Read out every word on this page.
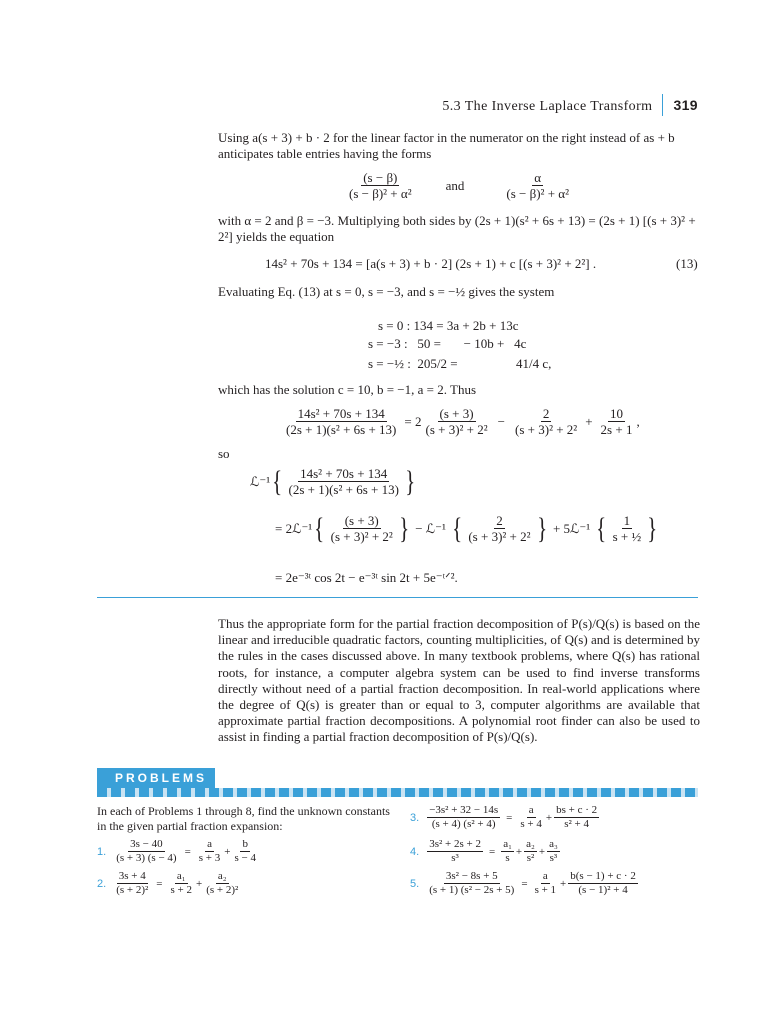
5.3 The Inverse Laplace Transform 319
Using a(s + 3) + b · 2 for the linear factor in the numerator on the right instead of as + b anticipates table entries having the forms
$\frac{(s - \beta)}{\text{(s − β)² + α²}}$ and	$\frac{\alpha}{\text{(s − β)² + α²}}$
with α = 2 and β = −3. Multiplying both sides by (2s + 1)(s² + 6s + 13) = (2s + 1) [(s + 3)² + 2²] yields the equation
14s² + 70s + 134 = [a(s + 3) + b · 2] (2s + 1) + c [(s + 3)² + 2²] .	(13)
Evaluating Eq. (13) at s = 0, s = −3, and s = −½ gives the system
s = 0 : 134 = 3a + 2b + 13c
s = −3 :   50 =       − 10b +   4c
s = −½ :  205/2 =                  41/4 c,
which has the solution c = 10, b = −1, a = 2. Thus
$\frac{\text{14s² + 70s + 134}}{\text{(2s + 1)(s² + 6s + 13)}} = 2 \frac{(s + 3)}{\text{(s + 3)² + 2²}} - \frac{2}{\text{(s + 3)² + 2²}} + \frac{10}{2s + 1}$ ,
so
ℒ⁻¹ { $\frac{\text{14s² + 70s + 134}}{\text{(2s + 1)(s² + 6s + 13)}}$ }
= 2ℒ⁻¹ { $\frac{(s + 3)}{\text{(s + 3)² + 2²}}$ } − ℒ⁻¹ { $\frac{2}{\text{(s + 3)² + 2²}}$ } + 5ℒ⁻¹ { $\frac{1}{\text{s + ½}}$ }
= 2e⁻³ᵗ cos 2t − e⁻³ᵗ sin 2t + 5e⁻ᵗᐟ².
Thus the appropriate form for the partial fraction decomposition of P(s)/Q(s) is based on the linear and irreducible quadratic factors, counting multiplicities, of Q(s) and is determined by the rules in the cases discussed above. In many textbook problems, where Q(s) has rational roots, for instance, a computer algebra system can be used to find inverse transforms directly without need of a partial fraction decomposition. In real-world applications where the degree of Q(s) is greater than or equal to 3, computer algorithms are available that approximate partial fraction decompositions. A polynomial root finder can also be used to assist in finding a partial fraction decomposition of P(s)/Q(s).
PROBLEMS
In each of Problems 1 through 8, find the unknown constants in the given partial fraction expansion:
1. $\frac{3s - 40}{(s + 3) (s - 4)} = \frac{a}{s + 3} + \frac{b}{s - 4}$
2. $\frac{3s + 4}{\text{(s + 2)²}} = \frac{\text{a₁}}{s + 2} + \frac{\text{a₂}}{\text{(s + 2)²}}$
3. $\frac{\text{−3s² + 32 − 14s}}{\text{(s + 4) (s² + 4)}} = \frac{a}{s + 4} + \frac{bs + c \cdot 2}{\text{s² + 4}}$
4. $\frac{\text{3s² + 2s + 2}}{\text{s³}} = \frac{\text{a₁}}{s} + \frac{\text{a₂}}{\text{s²}} + \frac{\text{a₃}}{\text{s³}}$
5. $\frac{\text{3s² − 8s + 5}}{\text{(s + 1) (s² − 2s + 5)}} = \frac{a}{s + 1} + \frac{b(s - 1) + c \cdot 2}{\text{(s − 1)² + 4}}$
